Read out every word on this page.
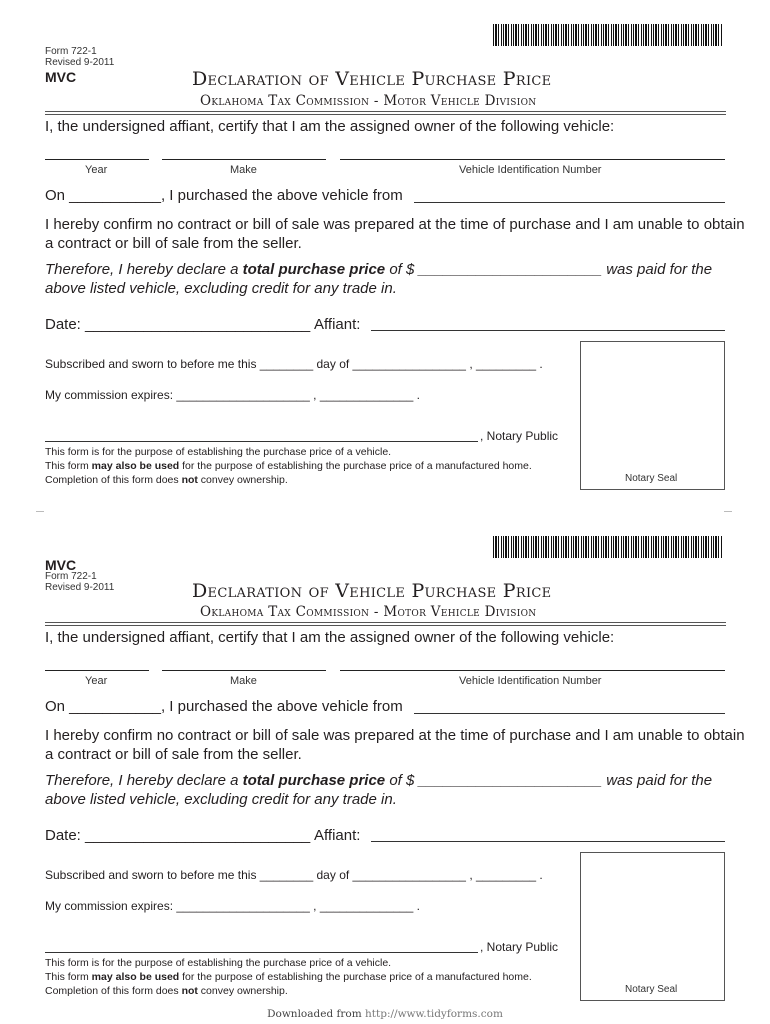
Form 722-1
Revised 9-2011
MVC	Declaration of Vehicle Purchase Price
Oklahoma Tax Commission - Motor Vehicle Division
I, the undersigned affiant, certify that I am the assigned owner of the following vehicle:
Year	Make	Vehicle Identification Number
On ___________, I purchased the above vehicle from
I hereby confirm no contract or bill of sale was prepared at the time of purchase and I am unable to obtain a contract or bill of sale from the seller.
Therefore, I hereby declare a total purchase price of $ ______________________ was paid for the above listed vehicle, excluding credit for any trade in.
Date: ___________________________ Affiant:
Subscribed and sworn to before me this ________ day of _________________ , _________ .
My commission expires: ____________________ , ______________ .
, Notary Public
This form is for the purpose of establishing the purchase price of a vehicle.
This form may also be used for the purpose of establishing the purchase price of a manufactured home.
Completion of this form does not convey ownership.	Notary Seal
MVC
Form 722-1
Revised 9-2011	Declaration of Vehicle Purchase Price
Oklahoma Tax Commission - Motor Vehicle Division
I, the undersigned affiant, certify that I am the assigned owner of the following vehicle:
Year	Make	Vehicle Identification Number
On ___________, I purchased the above vehicle from
I hereby confirm no contract or bill of sale was prepared at the time of purchase and I am unable to obtain a contract or bill of sale from the seller.
Therefore, I hereby declare a total purchase price of $ ______________________ was paid for the above listed vehicle, excluding credit for any trade in.
Date: ___________________________ Affiant:
Subscribed and sworn to before me this ________ day of _________________ , _________ .
My commission expires: ____________________ , ______________ .
, Notary Public
This form is for the purpose of establishing the purchase price of a vehicle.
This form may also be used for the purpose of establishing the purchase price of a manufactured home.
Completion of this form does not convey ownership.	Notary Seal
Downloaded from http://www.tidyforms.com
